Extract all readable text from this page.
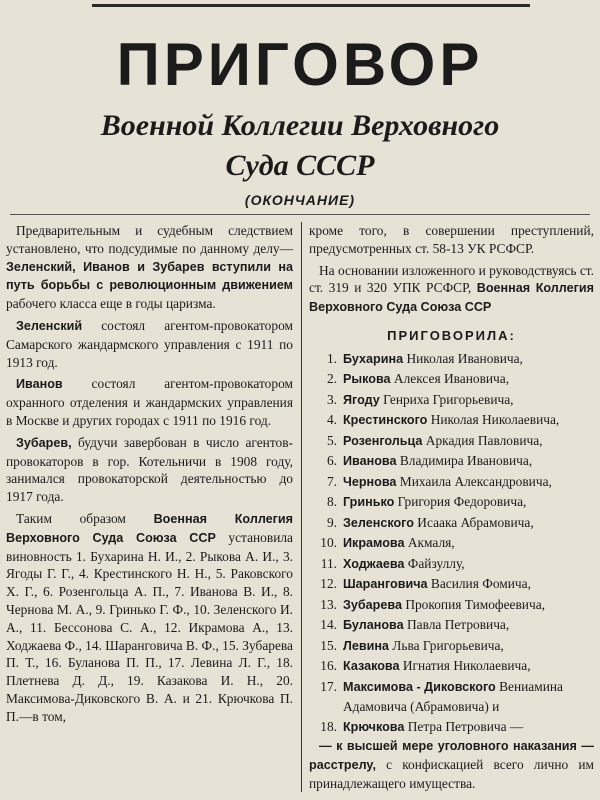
ПРИГОВОР
Военной Коллегии Верховного
Суда СССР
(ОКОНЧАНИЕ)

Предварительным и судебным следствием установлено, что подсудимые по данному делу—Зеленский, Иванов и Зубарев вступили на путь борьбы с революционным движением рабочего класса еще в годы царизма.

Зеленский состоял агентом-провокатором Самарского жандармского управления с 1911 по 1913 год.

Иванов состоял агентом-провокатором охранного отделения и жандармских управления в Москве и других городах с 1911 по 1916 год.

Зубарев, будучи завербован в число агентов-провокаторов в гор. Котельничи в 1908 году, занимался провокаторской деятельностью до 1917 года.

Таким образом Военная Коллегия Верховного Суда Союза ССР установила виновность 1. Бухарина Н. И., 2. Рыкова А. И., 3. Ягоды Г. Г., 4. Крестинского Н. Н., 5. Раковского Х. Г., 6. Розенгольца А. П., 7. Иванова В. И., 8. Чернова М. А., 9. Гринько Г. Ф., 10. Зеленского И. А., 11. Бессонова С. А., 12. Икрамова А., 13. Ходжаева Ф., 14. Шаранговича В. Ф., 15. Зубарева П. Т., 16. Буланова П. П., 17. Левина Л. Г., 18. Плетнева Д. Д., 19. Казакова И. Н., 20. Максимова-Диковского В. А. и 21. Крючкова П. П.—в том,

кроме того, в совершении преступлений, предусмотренных ст. 58-13 УК РСФСР.

На основании изложенного и руководствуясь ст. ст. 319 и 320 УПК РСФСР, Военная Коллегия Верховного Суда Союза ССР

ПРИГОВОРИЛА:
1. Бухарина Николая Ивановича,
2. Рыкова Алексея Ивановича,
3. Ягоду Генриха Григорьевича,
4. Крестинского Николая Николаевича,
5. Розенгольца Аркадия Павловича,
6. Иванова Владимира Ивановича,
7. Чернова Михаила Александровича,
8. Гринько Григория Федоровича,
9. Зеленского Исаака Абрамовича,
10. Икрамова Акмаля,
11. Ходжаева Файзуллу,
12. Шаранговича Василия Фомича,
13. Зубарева Прокопия Тимофеевича,
14. Буланова Павла Петровича,
15. Левина Льва Григорьевича,
16. Казакова Игнатия Николаевича,
17. Максимова - Диковского Вениамина Адамовича (Абрамовича) и
18. Крючкова Петра Петровича —

— к высшей мере уголовного наказания — расстрелу, с конфискацией всего лично им принадлежащего имущества.
